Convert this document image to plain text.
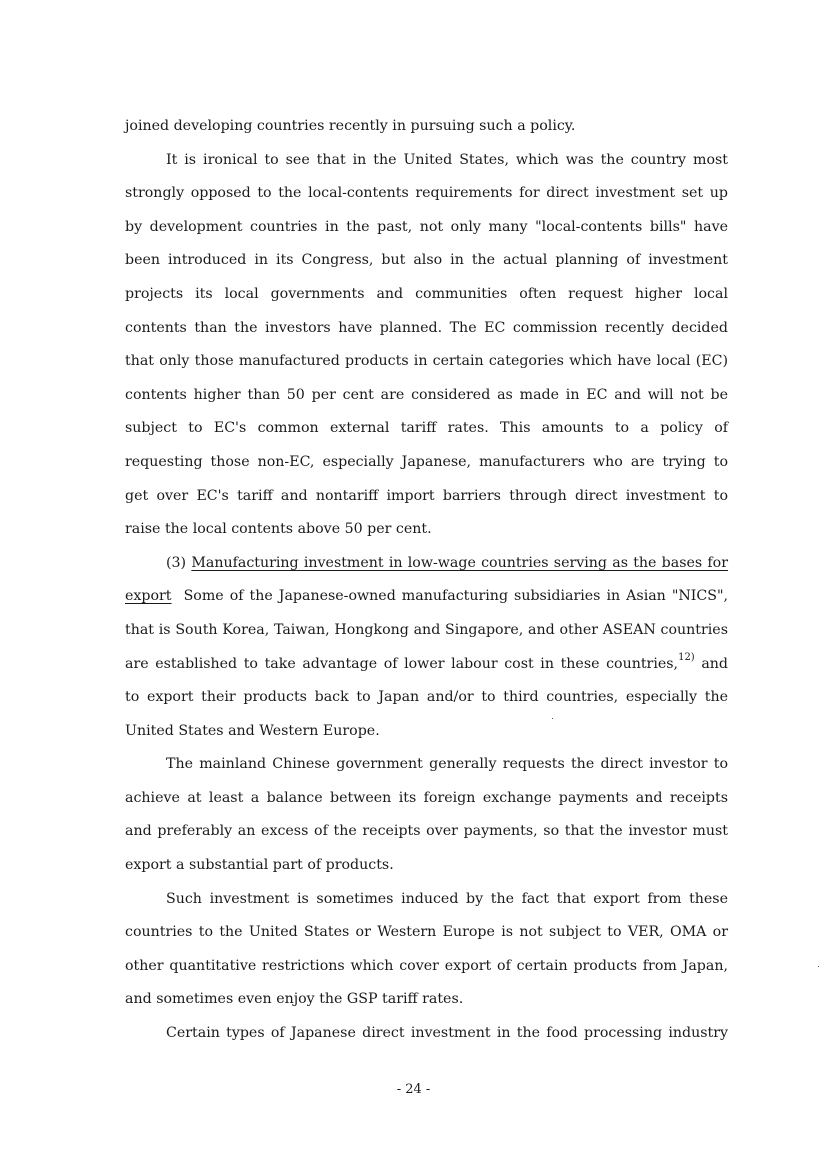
joined developing countries recently in pursuing such a policy.
It is ironical to see that in the United States, which was the country most
strongly opposed to the local-contents requirements for direct investment set up
by development countries in the past, not only many "local-contents bills" have
been introduced in its Congress, but also in the actual planning of investment
projects its local governments and communities often request higher local
contents than the investors have planned. The EC commission recently decided
that only those manufactured products in certain categories which have local (EC)
contents higher than 50 per cent are considered as made in EC and will not be
subject to EC's common external tariff rates. This amounts to a policy of
requesting those non-EC, especially Japanese, manufacturers who are trying to
get over EC's tariff and nontariff import barriers through direct investment to
raise the local contents above 50 per cent.
(3) Manufacturing investment in low-wage countries serving as the bases for
export Some of the Japanese-owned manufacturing subsidiaries in Asian "NICS",
that is South Korea, Taiwan, Hongkong and Singapore, and other ASEAN countries
are established to take advantage of lower labour cost in these countries,$^{12)}$ and
to export their products back to Japan and/or to third countries, especially the
United States and Western Europe.
The mainland Chinese government generally requests the direct investor to
achieve at least a balance between its foreign exchange payments and receipts
and preferably an excess of the receipts over payments, so that the investor must
export a substantial part of products.
Such investment is sometimes induced by the fact that export from these
countries to the United States or Western Europe is not subject to VER, OMA or
other quantitative restrictions which cover export of certain products from Japan,
and sometimes even enjoy the GSP tariff rates.
Certain types of Japanese direct investment in the food processing industry
- 24 -
